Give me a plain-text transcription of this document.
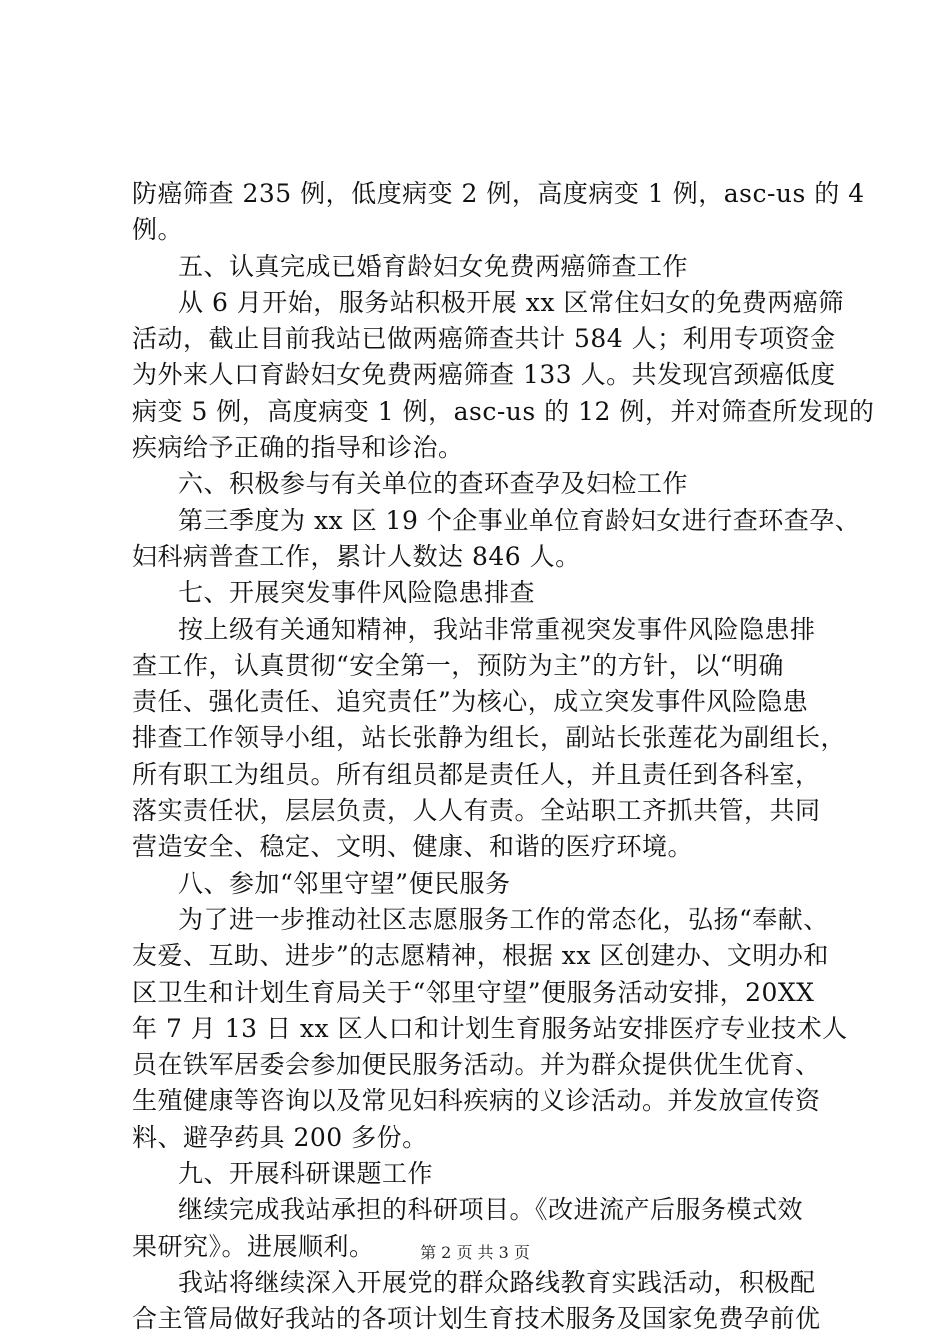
防癌筛查 235 例，低度病变 2 例，高度病变 1 例，asc-us 的 4
例。
五、认真完成已婚育龄妇女免费两癌筛查工作
从 6 月开始，服务站积极开展 xx 区常住妇女的免费两癌筛
活动，截止目前我站已做两癌筛查共计 584 人；利用专项资金
为外来人口育龄妇女免费两癌筛查 133 人。共发现宫颈癌低度
病变 5 例，高度病变 1 例，asc-us 的 12 例，并对筛查所发现的
疾病给予正确的指导和诊治。
六、积极参与有关单位的查环查孕及妇检工作
第三季度为 xx 区 19 个企事业单位育龄妇女进行查环查孕、
妇科病普查工作，累计人数达 846 人。
七、开展突发事件风险隐患排查
按上级有关通知精神，我站非常重视突发事件风险隐患排
查工作，认真贯彻“安全第一，预防为主”的方针，以“明确
责任、强化责任、追究责任”为核心，成立突发事件风险隐患
排查工作领导小组，站长张静为组长，副站长张莲花为副组长，
所有职工为组员。所有组员都是责任人，并且责任到各科室，
落实责任状，层层负责，人人有责。全站职工齐抓共管，共同
营造安全、稳定、文明、健康、和谐的医疗环境。
八、参加“邻里守望”便民服务
为了进一步推动社区志愿服务工作的常态化，弘扬“奉献、
友爱、互助、进步”的志愿精神，根据 xx 区创建办、文明办和
区卫生和计划生育局关于“邻里守望”便服务活动安排，20XX
年 7 月 13 日 xx 区人口和计划生育服务站安排医疗专业技术人
员在铁军居委会参加便民服务活动。并为群众提供优生优育、
生殖健康等咨询以及常见妇科疾病的义诊活动。并发放宣传资
料、避孕药具 200 多份。
九、开展科研课题工作
继续完成我站承担的科研项目。《改进流产后服务模式效
果研究》。进展顺利。
我站将继续深入开展党的群众路线教育实践活动，积极配
合主管局做好我站的各项计划生育技术服务及国家免费孕前优
第 2 页 共 3 页
